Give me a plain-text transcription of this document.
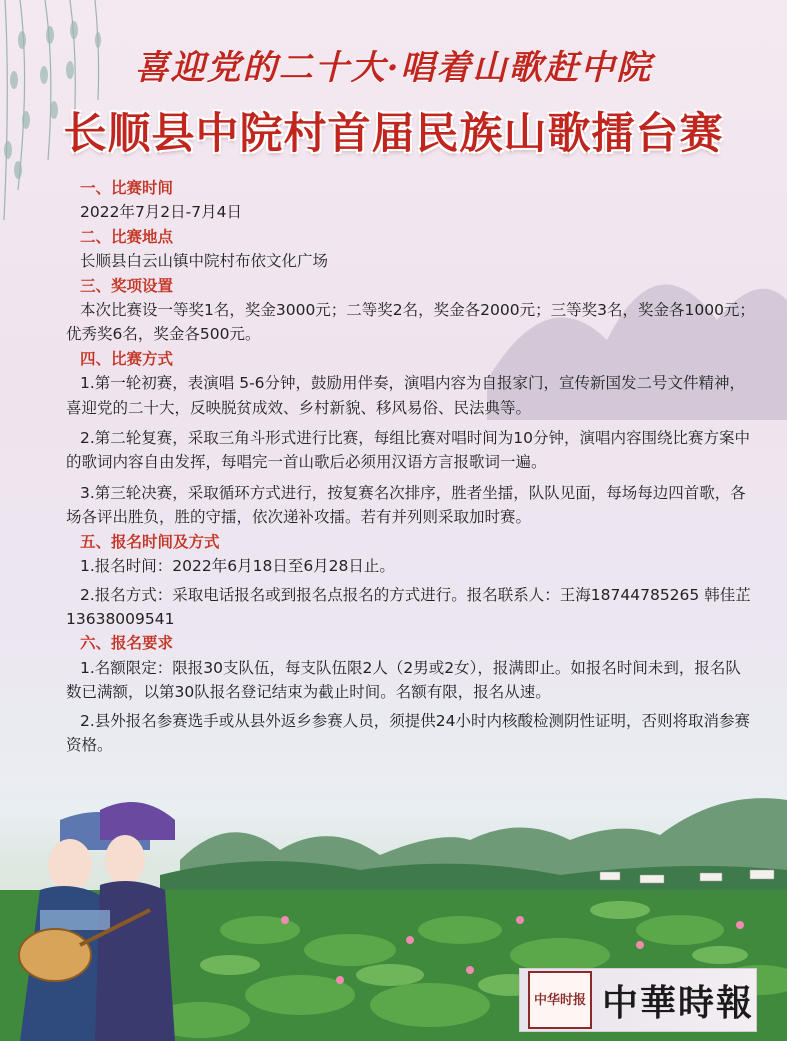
喜迎党的二十大·唱着山歌赶中院
长顺县中院村首届民族山歌擂台赛

一、比赛时间

2022年7月2日-7月4日

二、比赛地点

长顺县白云山镇中院村布依文化广场

三、奖项设置

本次比赛设一等奖1名，奖金3000元；二等奖2名，奖金各2000元；三等奖3名，奖金各1000元；优秀奖6名，奖金各500元。

四、比赛方式

1.第一轮初赛，表演唱 5-6分钟，鼓励用伴奏，演唱内容为自报家门，宣传新国发二号文件精神，喜迎党的二十大，反映脱贫成效、乡村新貌、移风易俗、民法典等。

2.第二轮复赛，采取三角斗形式进行比赛，每组比赛对唱时间为10分钟，演唱内容围绕比赛方案中的歌词内容自由发挥，每唱完一首山歌后必须用汉语方言报歌词一遍。

3.第三轮决赛，采取循环方式进行，按复赛名次排序，胜者坐擂，队队见面，每场每边四首歌，各场各评出胜负，胜的守擂，依次递补攻擂。若有并列则采取加时赛。

五、报名时间及方式

1.报名时间：2022年6月18日至6月28日止。

2.报名方式：采取电话报名或到报名点报名的方式进行。报名联系人：王海18744785265 韩佳芷13638009541

六、报名要求

1.名额限定：限报30支队伍，每支队伍限2人（2男或2女），报满即止。如报名时间未到，报名队数已满额，以第30队报名登记结束为截止时间。名额有限，报名从速。

2.县外报名参赛选手或从县外返乡参赛人员，须提供24小时内核酸检测阴性证明，否则将取消参赛资格。

中华时报 中華時報
